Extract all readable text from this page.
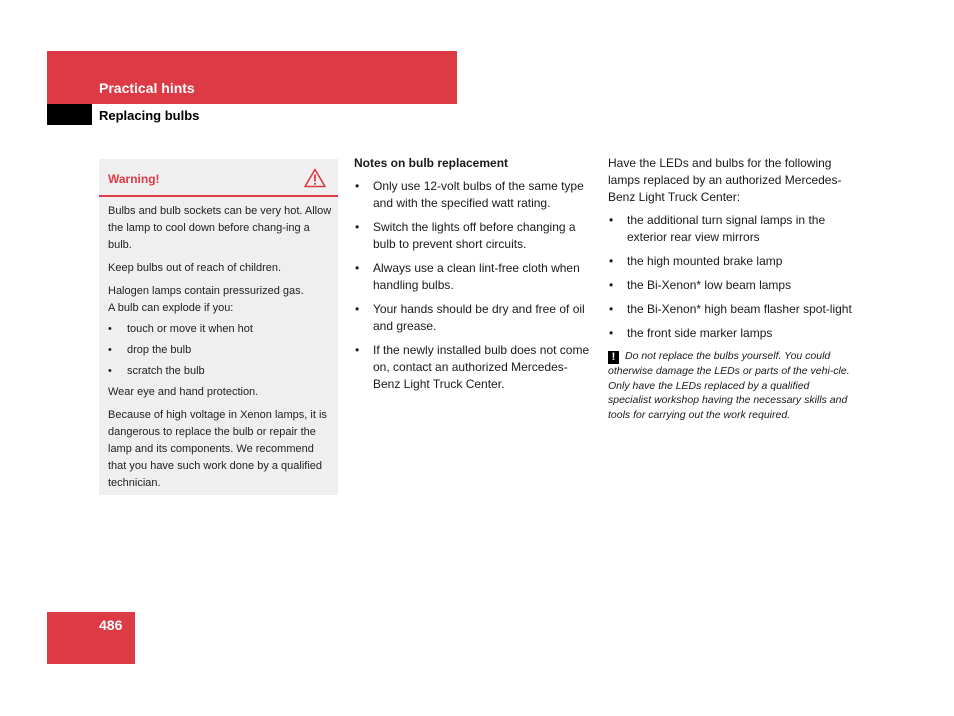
Practical hints
Replacing bulbs
Warning!

Bulbs and bulb sockets can be very hot. Allow the lamp to cool down before chang-ing a bulb.

Keep bulbs out of reach of children.

Halogen lamps contain pressurized gas.
A bulb can explode if you:

• touch or move it when hot
• drop the bulb
• scratch the bulb

Wear eye and hand protection.

Because of high voltage in Xenon lamps, it is dangerous to replace the bulb or repair the lamp and its components. We recommend that you have such work done by a qualified technician.

Notes on bulb replacement
• Only use 12-volt bulbs of the same type and with the specified watt rating.
• Switch the lights off before changing a bulb to prevent short circuits.
• Always use a clean lint-free cloth when handling bulbs.
• Your hands should be dry and free of oil and grease.
• If the newly installed bulb does not come on, contact an authorized Mercedes-Benz Light Truck Center.

Have the LEDs and bulbs for the following lamps replaced by an authorized Mercedes-Benz Light Truck Center:

• the additional turn signal lamps in the exterior rear view mirrors
• the high mounted brake lamp
• the Bi-Xenon* low beam lamps
• the Bi-Xenon* high beam flasher spot-light
• the front side marker lamps
! Do not replace the bulbs yourself. You could otherwise damage the LEDs or parts of the vehi-cle. Only have the LEDs replaced by a qualified specialist workshop having the necessary skills and tools for carrying out the work required.
486
